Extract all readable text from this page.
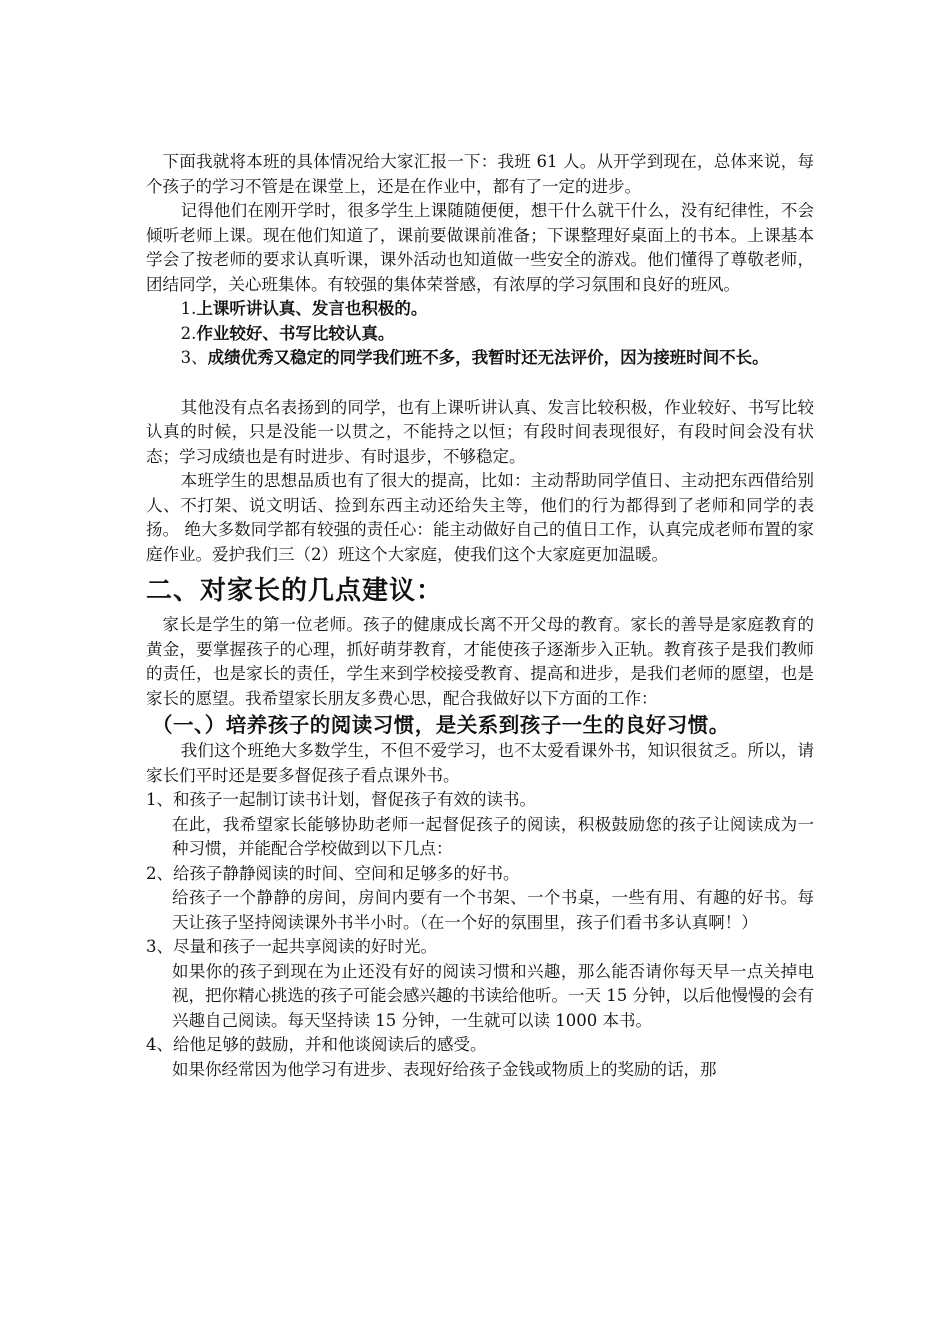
下面我就将本班的具体情况给大家汇报一下：我班 61 人。从开学到现在，总体来说，每个孩子的学习不管是在课堂上，还是在作业中，都有了一定的进步。

记得他们在刚开学时，很多学生上课随随便便，想干什么就干什么，没有纪律性，不会倾听老师上课。现在他们知道了，课前要做课前准备；下课整理好桌面上的书本。上课基本学会了按老师的要求认真听课，课外活动也知道做一些安全的游戏。他们懂得了尊敬老师，团结同学，关心班集体。有较强的集体荣誉感，有浓厚的学习氛围和良好的班风。

1.上课听讲认真、发言也积极的。

2.作业较好、书写比较认真。

3、成绩优秀又稳定的同学我们班不多，我暂时还无法评价，因为接班时间不长。

其他没有点名表扬到的同学，也有上课听讲认真、发言比较积极，作业较好、书写比较认真的时候，只是没能一以贯之，不能持之以恒；有段时间表现很好，有段时间会没有状态；学习成绩也是有时进步、有时退步，不够稳定。

本班学生的思想品质也有了很大的提高，比如：主动帮助同学值日、主动把东西借给别人、不打架、说文明话、捡到东西主动还给失主等，他们的行为都得到了老师和同学的表扬。 绝大多数同学都有较强的责任心：能主动做好自己的值日工作，认真完成老师布置的家庭作业。爱护我们三（2）班这个大家庭，使我们这个大家庭更加温暖。

二、对家长的几点建议：

家长是学生的第一位老师。孩子的健康成长离不开父母的教育。家长的善导是家庭教育的黄金，要掌握孩子的心理，抓好萌芽教育，才能使孩子逐渐步入正轨。教育孩子是我们教师的责任，也是家长的责任，学生来到学校接受教育、提高和进步，是我们老师的愿望，也是家长的愿望。我希望家长朋友多费心思，配合我做好以下方面的工作：

（一、）培养孩子的阅读习惯，是关系到孩子一生的良好习惯。

我们这个班绝大多数学生，不但不爱学习，也不太爱看课外书，知识很贫乏。所以，请家长们平时还是要多督促孩子看点课外书。

1、和孩子一起制订读书计划，督促孩子有效的读书。

在此，我希望家长能够协助老师一起督促孩子的阅读，积极鼓励您的孩子让阅读成为一种习惯，并能配合学校做到以下几点：

2、给孩子静静阅读的时间、空间和足够多的好书。

给孩子一个静静的房间，房间内要有一个书架、一个书桌，一些有用、有趣的好书。每天让孩子坚持阅读课外书半小时。（在一个好的氛围里，孩子们看书多认真啊！）

3、尽量和孩子一起共享阅读的好时光。

如果你的孩子到现在为止还没有好的阅读习惯和兴趣，那么能否请你每天早一点关掉电视，把你精心挑选的孩子可能会感兴趣的书读给他听。一天 15 分钟，以后他慢慢的会有兴趣自己阅读。每天坚持读 15 分钟，一生就可以读 1000 本书。

4、给他足够的鼓励，并和他谈阅读后的感受。

如果你经常因为他学习有进步、表现好给孩子金钱或物质上的奖励的话，那
